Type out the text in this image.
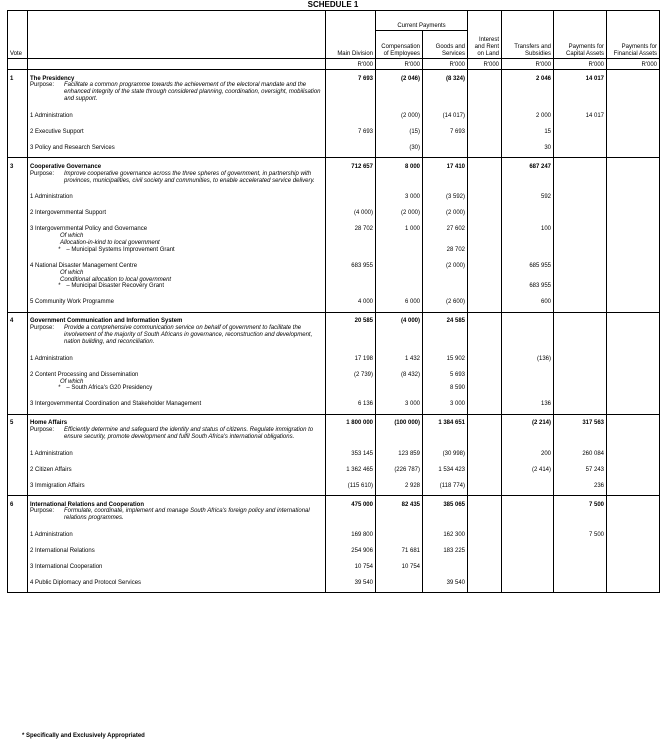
SCHEDULE 1
Vote		Main Division	Current Payments		Interest and Rent on Land	Transfers and Subsidies	Payments for Capital Assets	Payments for Financial Assets
			Compensation of Employees	Goods and Services				
		R'000	R'000	R'000	R'000	R'000	R'000	R'000

1	The Presidency	7 693	(2 046)	(8 324)		2 046	14 017	

	Purpose: Facilitate a common programme towards the achievement of the electoral mandate and the enhanced integrity of the state through considered planning, coordination, oversight, mobilisation and support.							

	1 Administration		(2 000)	(14 017)		2 000	14 017	

	2 Executive Support	7 693	(15)	7 693		15		

	3 Policy and Research Services		(30)			30		

3	Cooperative Governance	712 657	8 000	17 410		687 247		

	Purpose: Improve cooperative governance across the three spheres of government, in partnership with provinces, municipalities, civil society and communities, to enable accelerated service delivery.							

	1 Administration		3 000	(3 592)		592		

	2 Intergovernmental Support	(4 000)	(2 000)	(2 000)				

	3 Intergovernmental Policy and Governance	28 702	1 000	27 602		100		
	Of which							
	Allocation-in-kind to local government							
	* – Municipal Systems Improvement Grant			28 702				

	4 National Disaster Management Centre	683 955		(2 000)		685 955		
	Of which							
	Conditional allocation to local government							
	* – Municipal Disaster Recovery Grant					683 955		

	5 Community Work Programme	4 000	6 000	(2 600)		600		

4	Government Communication and Information System	20 585	(4 000)	24 585				

	Purpose: Provide a comprehensive communication service on behalf of government to facilitate the involvement of the majority of South Africans in governance, reconstruction and development, nation building, and reconciliation.							

	1 Administration	17 198	1 432	15 902		(136)		

	2 Content Processing and Dissemination	(2 739)	(8 432)	5 693				
	Of which							
	* – South Africa's G20 Presidency			8 590				

	3 Intergovernmental Coordination and Stakeholder Management	6 136	3 000	3 000		136		

5	Home Affairs	1 800 000	(100 000)	1 384 651		(2 214)	317 563	

	Purpose: Efficiently determine and safeguard the identity and status of citizens. Regulate immigration to ensure security, promote development and fulfil South Africa's international obligations.							

	1 Administration	353 145	123 859	(30 998)		200	260 084	

	2 Citizen Affairs	1 362 465	(226 787)	1 534 423		(2 414)	57 243	

	3 Immigration Affairs	(115 610)	2 928	(118 774)			236	

6	International Relations and Cooperation	475 000	82 435	385 065			7 500	

	Purpose: Formulate, coordinate, implement and manage South Africa's foreign policy and international relations programmes.							

	1 Administration	169 800		162 300			7 500	

	2 International Relations	254 906	71 681	183 225				

	3 International Cooperation	10 754	10 754					

	4 Public Diplomacy and Protocol Services	39 540		39 540				

* Specifically and Exclusively Appropriated
